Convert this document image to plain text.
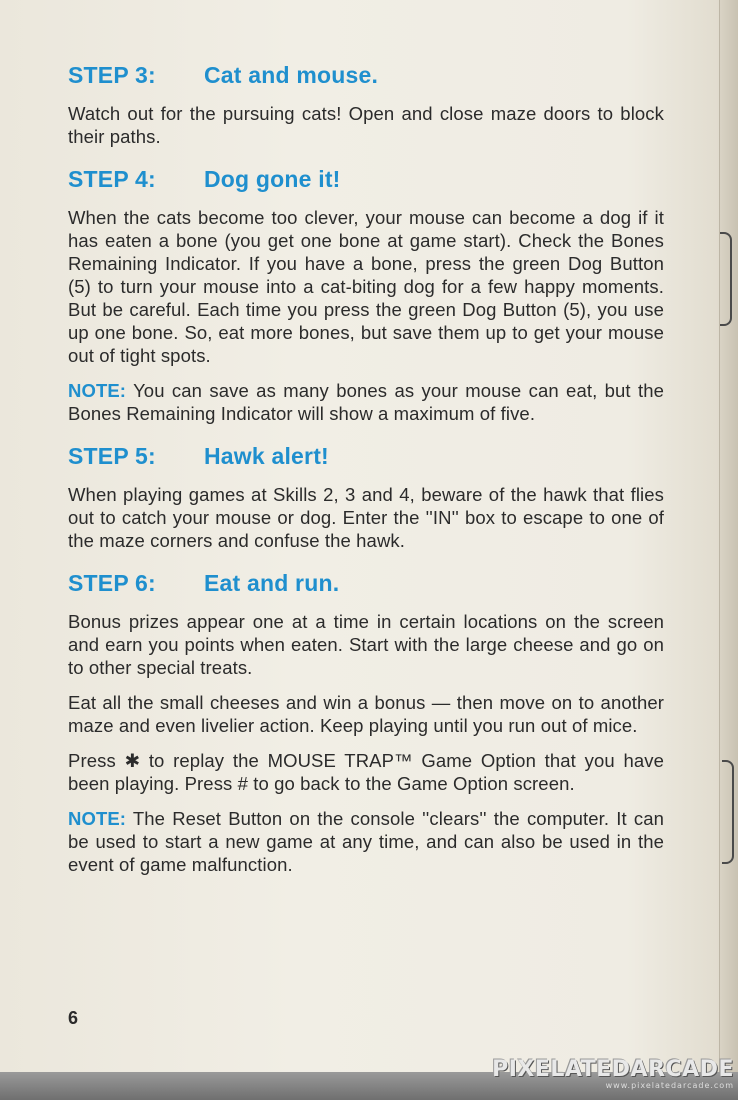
STEP 3: Cat and mouse.

Watch out for the pursuing cats! Open and close maze doors to block their paths.

STEP 4: Dog gone it!

When the cats become too clever, your mouse can become a dog if it has eaten a bone (you get one bone at game start). Check the Bones Remaining Indicator. If you have a bone, press the green Dog Button (5) to turn your mouse into a cat-biting dog for a few happy moments. But be careful. Each time you press the green Dog Button (5), you use up one bone. So, eat more bones, but save them up to get your mouse out of tight spots.

NOTE: You can save as many bones as your mouse can eat, but the Bones Remaining Indicator will show a maximum of five.

STEP 5: Hawk alert!

When playing games at Skills 2, 3 and 4, beware of the hawk that flies out to catch your mouse or dog. Enter the ''IN'' box to escape to one of the maze corners and confuse the hawk.

STEP 6: Eat and run.

Bonus prizes appear one at a time in certain locations on the screen and earn you points when eaten. Start with the large cheese and go on to other special treats.

Eat all the small cheeses and win a bonus — then move on to another maze and even livelier action. Keep playing until you run out of mice.

Press ✱ to replay the MOUSE TRAP™ Game Option that you have been playing. Press # to go back to the Game Option screen.

NOTE: The Reset Button on the console ''clears'' the computer. It can be used to start a new game at any time, and can also be used in the event of game malfunction.

6
PIXELATEDARCADE
www.pixelatedarcade.com
